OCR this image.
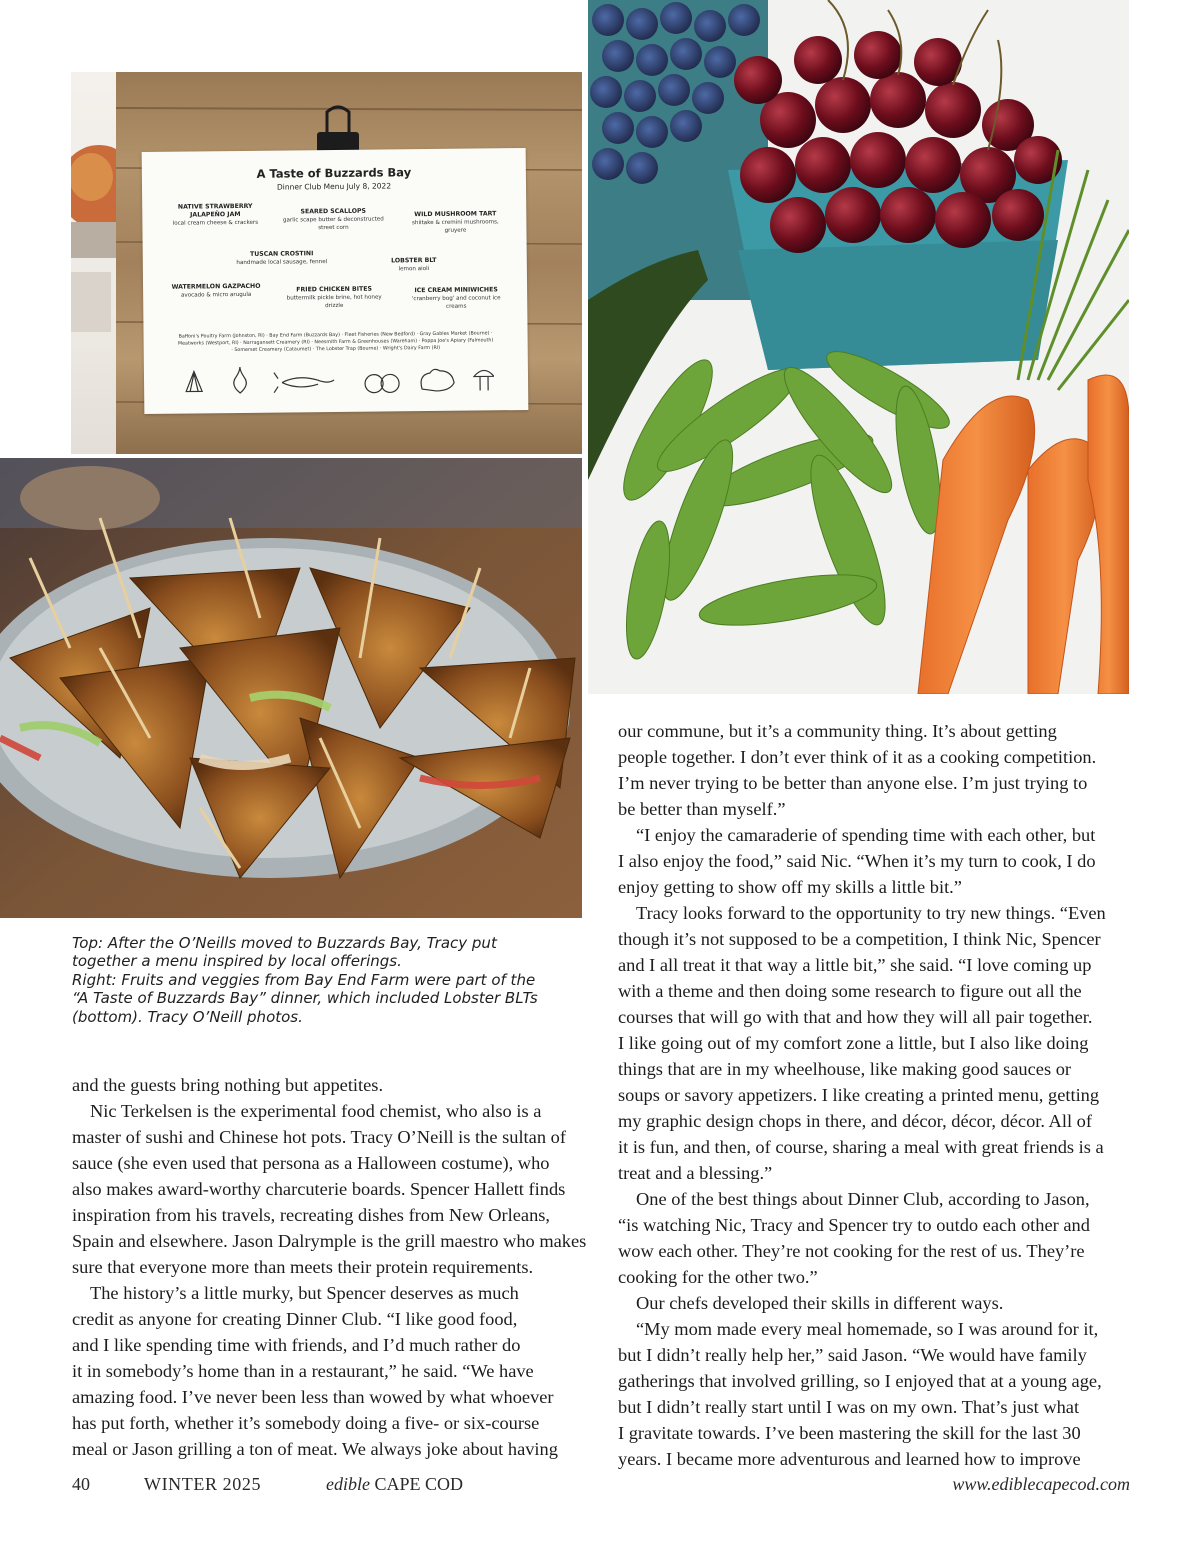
A Taste of Buzzards Bay
Dinner Club Menu July 8, 2022
NATIVE STRAWBERRY JALAPEÑO JAM
local cream cheese & crackers
SEARED SCALLOPS
garlic scape butter & deconstructed street corn
WILD MUSHROOM TART
shiitake & cremini mushrooms, gruyere
TUSCAN CROSTINI
handmade local sausage, fennel	LOBSTER BLT
lemon aioli
WATERMELON GAZPACHO
avocado & micro arugula
FRIED CHICKEN BITES
buttermilk pickle brine, hot honey drizzle
ICE CREAM MINIWICHES
'cranberry bog' and coconut ice creams
Baffoni's Poultry Farm (Johnston, RI) · Bay End Farm (Buzzards Bay) · Fleet Fisheries (New Bedford) · Gray Gables Market (Bourne) · Meatworks (Westport, RI) · Narragansett Creamery (RI) · Neesmith Farm & Greenhouses (Wareham) · Poppa Joe's Apiary (Falmouth) · Somerset Creamery (Cataumet) · The Lobster Trap (Bourne) · Wright's Dairy Farm (RI)
Top: After the O’Neills moved to Buzzards Bay, Tracy put
together a menu inspired by local offerings.
Right: Fruits and veggies from Bay End Farm were part of the
“A Taste of Buzzards Bay” dinner, which included Lobster BLTs
(bottom). Tracy O’Neill photos.
and the guests bring nothing but appetites.
Nic Terkelsen is the experimental food chemist, who also is a
master of sushi and Chinese hot pots. Tracy O’Neill is the sultan of
sauce (she even used that persona as a Halloween costume), who
also makes award-worthy charcuterie boards. Spencer Hallett finds
inspiration from his travels, recreating dishes from New Orleans,
Spain and elsewhere. Jason Dalrymple is the grill maestro who makes
sure that everyone more than meets their protein requirements.
The history’s a little murky, but Spencer deserves as much
credit as anyone for creating Dinner Club. “I like good food,
and I like spending time with friends, and I’d much rather do
it in somebody’s home than in a restaurant,” he said. “We have
amazing food. I’ve never been less than wowed by what whoever
has put forth, whether it’s somebody doing a five- or six-course
meal or Jason grilling a ton of meat. We always joke about having
our commune, but it’s a community thing. It’s about getting
people together. I don’t ever think of it as a cooking competition.
I’m never trying to be better than anyone else. I’m just trying to
be better than myself.”
“I enjoy the camaraderie of spending time with each other, but
I also enjoy the food,” said Nic. “When it’s my turn to cook, I do
enjoy getting to show off my skills a little bit.”
Tracy looks forward to the opportunity to try new things. “Even
though it’s not supposed to be a competition, I think Nic, Spencer
and I all treat it that way a little bit,” she said. “I love coming up
with a theme and then doing some research to figure out all the
courses that will go with that and how they will all pair together.
I like going out of my comfort zone a little, but I also like doing
things that are in my wheelhouse, like making good sauces or
soups or savory appetizers. I like creating a printed menu, getting
my graphic design chops in there, and décor, décor, décor. All of
it is fun, and then, of course, sharing a meal with great friends is a
treat and a blessing.”
One of the best things about Dinner Club, according to Jason,
“is watching Nic, Tracy and Spencer try to outdo each other and
wow each other. They’re not cooking for the rest of us. They’re
cooking for the other two.”
Our chefs developed their skills in different ways.
“My mom made every meal homemade, so I was around for it,
but I didn’t really help her,” said Jason. “We would have family
gatherings that involved grilling, so I enjoyed that at a young age,
but I didn’t really start until I was on my own. That’s just what
I gravitate towards. I’ve been mastering the skill for the last 30
years. I became more adventurous and learned how to improve
40	WINTER 2025	edible CAPE COD	www.ediblecapecod.com
